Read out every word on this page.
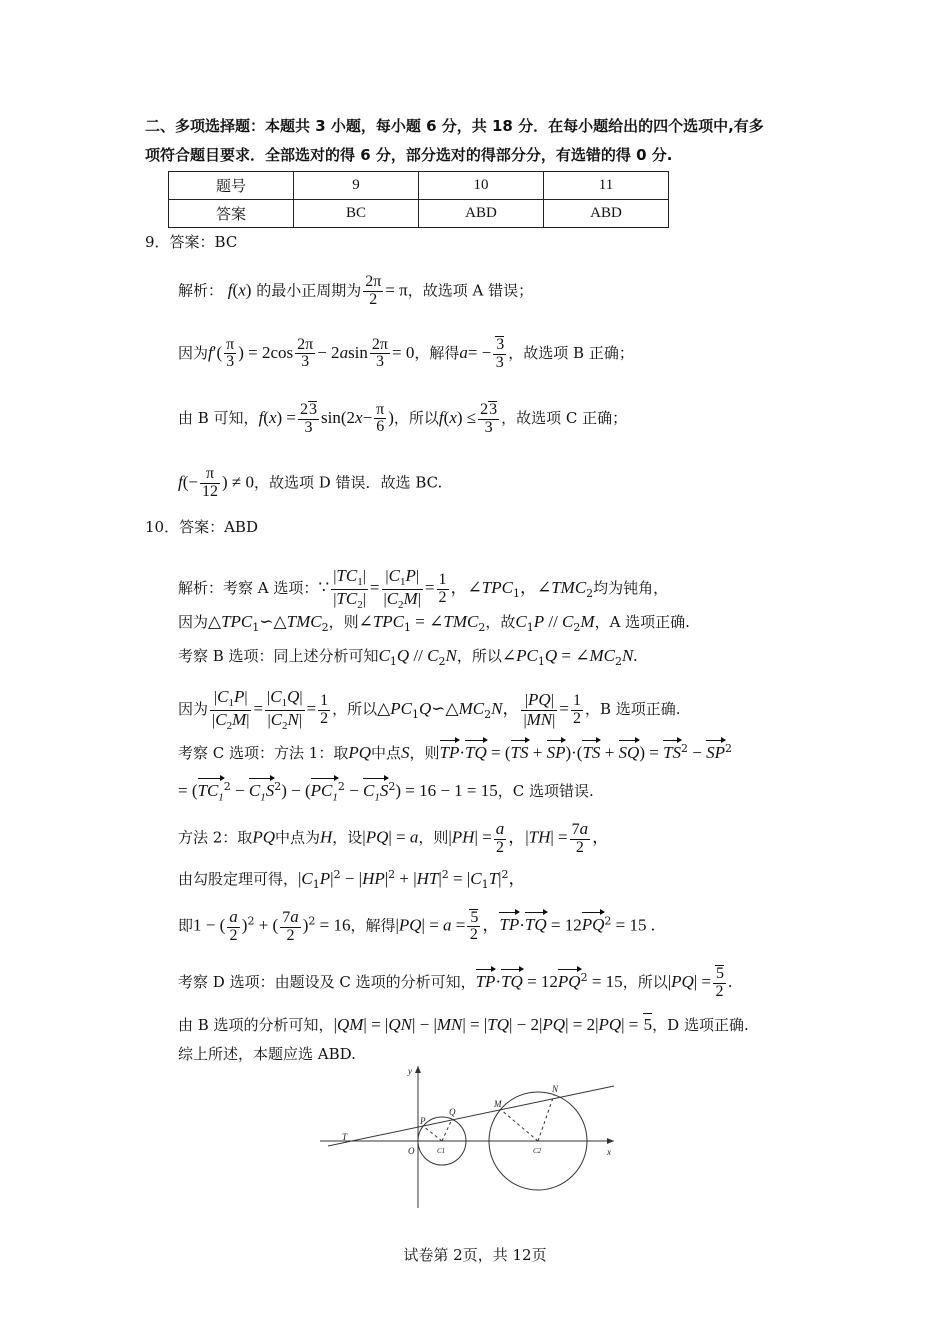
二、多项选择题：本题共 3 小题，每小题 6 分，共 18 分．在每小题给出的四个选项中,有多
项符合题目要求．全部选对的得 6 分，部分选对的得部分分，有选错的得 0 分.
题号	9	10	11
答案	BC	ABD	ABD
9．答案：BC
解析： f(x) 的最小正周期为 $\frac{2\pi}{2} = \pi$，故选项 A 错误；
因为$f'( \frac{\pi}{3}$ ) = $2\cos \frac{2\pi}{3} - 2asin \frac{2\pi}{3} = 0$，解得$a= - \frac{3}{3}$ ，故选项 B 正确；
由 B 可知，$f(x) = \frac{23}{3} \sin(2x- \frac{\pi}{6}$ )，所以$f(x) \le \frac{23}{3}$ ，故选项 C 正确；
$f(- \frac{\pi}{12}$ ) ≠ 0，故选项 D 错误．故选 BC.
10．答案：ABD
解析：考察 A 选项：∵ $\frac{|TC_1|}{|TC_2|} = \frac{|C_1P|}{|C_2M|} = \frac{1}{2}$ ，$\angle TPC_1$，$\angle TMC_2$均为钝角，
因为$\triangle TPC_1∽\triangle TMC_2$，则$\angle TPC_1$ = $\angle TMC_2$，故$C_1P // C_2M$，A 选项正确.
考察 B 选项：同上述分析可知$C_1Q // C_2N$，所以$\angle PC_1Q$ = $\angle MC_2N$.
因为 $\frac{|C_1P|}{|C_2M|} = \frac{|C_1Q|}{|C_2N|} = \frac{1}{2}$ ，所以$\triangle PC_1Q∽\triangle MC_2N$， $\frac{|PQ|}{|MN|} = \frac{1}{2}$ ，B 选项正确.
考察 C 选项：方法 1：取PQ中点S，则$TP\cdot TQ = (TS + SP)\cdot(TS + SQ) = TS^2 - SP^2$
= $(TC_1^2 - C_1S^2) - (PC_1^2 - C_1S^2) = 16 - 1 = 15$，C 选项错误.
方法 2：取PQ中点为H，设|PQ| = a，则$|PH| = \frac{a}{2}$ ，$|TH| = \frac{7a}{2}$ ，
由勾股定理可得，$|C_1P|^2 - |HP|^2 + |HT|^2 = |C_1T|^2$，
即1 − ( $\frac{a}{2} )^2$ + ( $\frac{7a}{2} )^2 = 16$，解得$|PQ| = a = \frac{5}{2}$ ，$TP\cdot TQ = 12PQ^2 = 15$ .
考察 D 选项：由题设及 C 选项的分析可知，$TP\cdot TQ = 12PQ^2 = 15$，所以$|PQ| = \frac{5}{2}$ .
由 B 选项的分析可知，|QM| = |QN| − |MN| = |TQ| − 2|PQ| = 2|PQ| = 5，D 选项正确.
综上所述，本题应选 ABD.
y
x
O
T
P
Q
M
N
C1	C2
试卷第 2页，共 12页
